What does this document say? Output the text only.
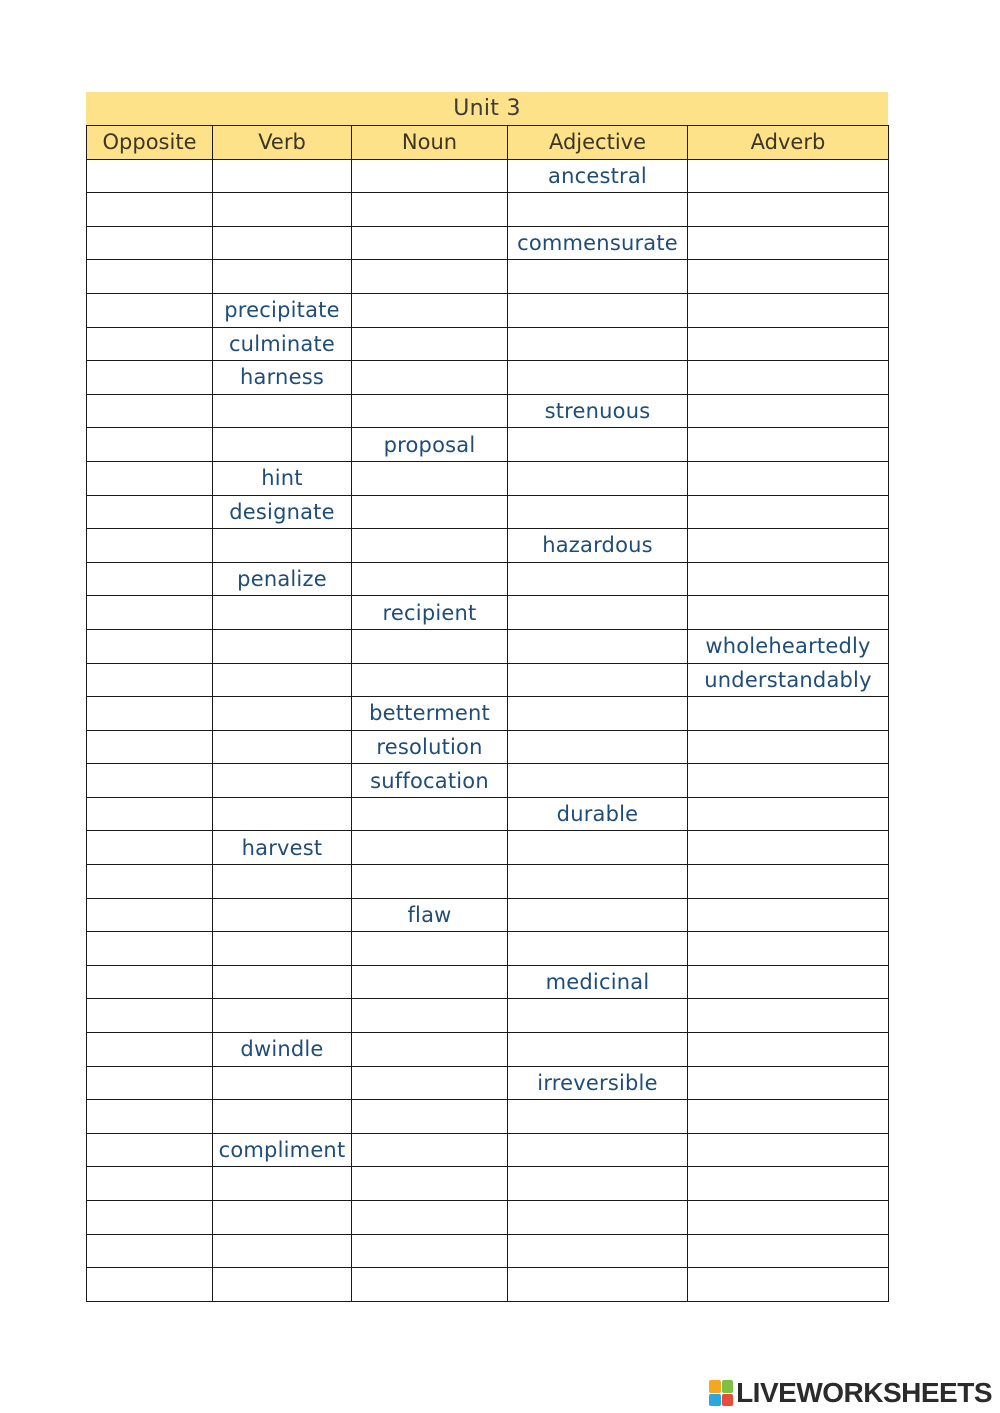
Unit 3
Opposite	Verb	Noun	Adjective	Adverb
			ancestral	

			commensurate	

	precipitate			
	culminate			
	harness			
			strenuous	
		proposal		
	hint			
	designate			
			hazardous	
	penalize			
		recipient		
				wholeheartedly
				understandably
		betterment		
		resolution		
		suffocation		
			durable	
	harvest			

		flaw		

			medicinal	

	dwindle			
			irreversible	

	compliment			

LIVEWORKSHEETS
